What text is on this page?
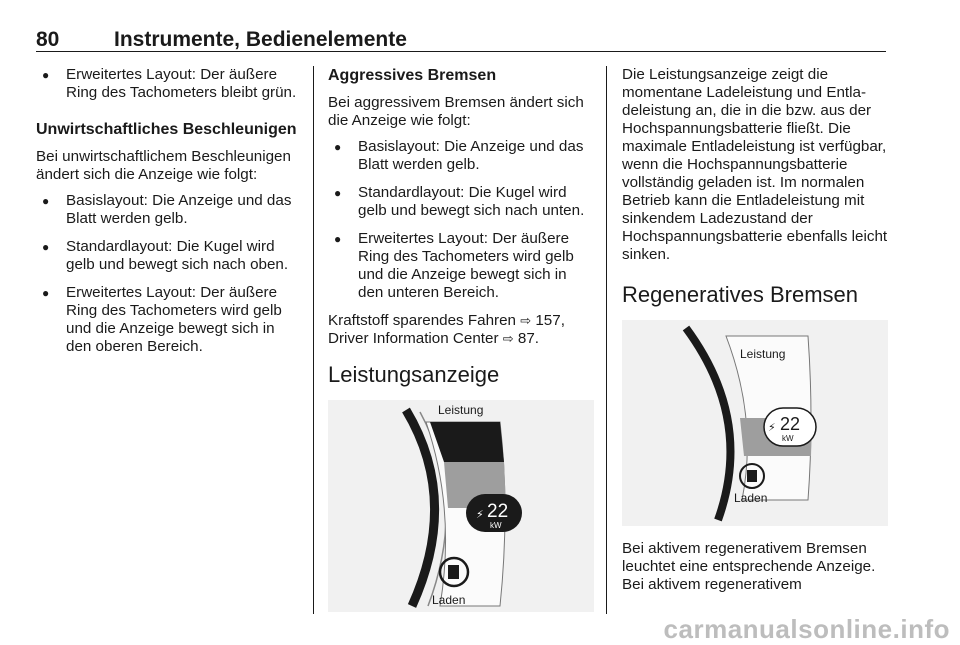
80	Instrumente, Bedienelemente
● Erweitertes Layout: Der äußere Ring des Tachometers bleibt grün.
Unwirtschaftliches Beschleunigen

Bei unwirtschaftlichem Beschleunigen ändert sich die Anzeige wie folgt:

● Basislayout: Die Anzeige und das Blatt werden gelb.
● Standardlayout: Die Kugel wird gelb und bewegt sich nach oben.
● Erweitertes Layout: Der äußere Ring des Tachometers wird gelb und die Anzeige bewegt sich in den oberen Bereich.
Aggressives Bremsen

Bei aggressivem Bremsen ändert sich die Anzeige wie folgt:

● Basislayout: Die Anzeige und das Blatt werden gelb.
● Standardlayout: Die Kugel wird gelb und bewegt sich nach unten.
● Erweitertes Layout: Der äußere Ring des Tachometers wird gelb und die Anzeige bewegt sich in den unteren Bereich.

Kraftstoff sparendes Fahren ⇨ 157,
Driver Information Center ⇨ 87.

Leistungsanzeige
⚡ 22
kW
Leistung
Laden

Die Leistungsanzeige zeigt die momentane Ladeleistung und Entladeleistung an, die in die bzw. aus der Hochspannungsbatterie fließt. Die maximale Entladeleistung ist verfügbar, wenn die Hochspannungsbatterie vollständig geladen ist. Im normalen Betrieb kann die Entladeleistung mit sinkendem Ladezustand der Hochspannungsbatterie ebenfalls leicht sinken.

Regeneratives Bremsen
⚡ 22
kW
Leistung
Laden

Bei aktivem regenerativem Bremsen leuchtet eine entsprechende Anzeige. Bei aktivem regenerativem

carmanualsonline.info
